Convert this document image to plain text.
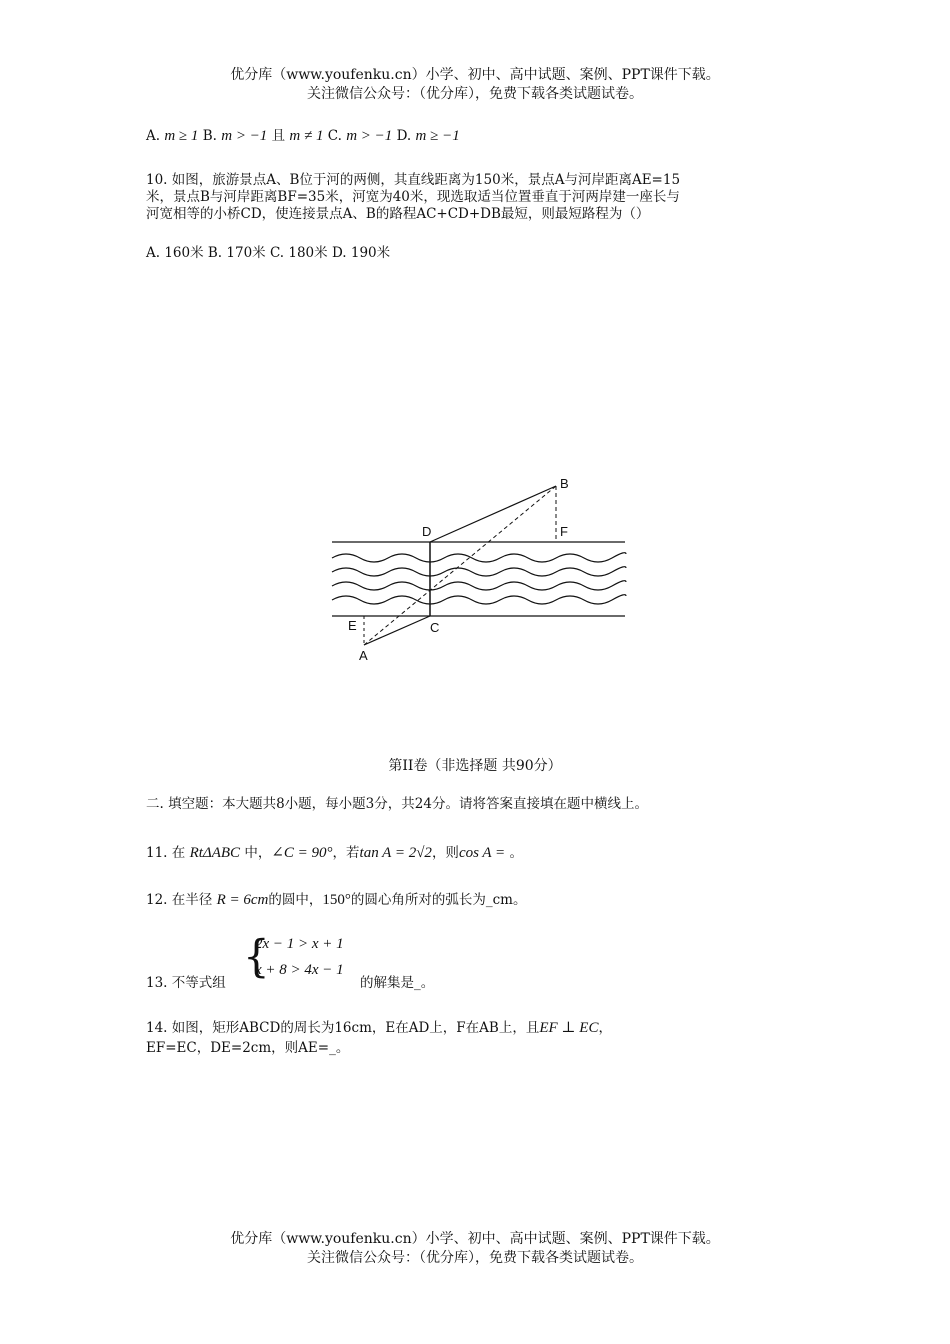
优分库（www.youfenku.cn）小学、初中、高中试题、案例、PPT课件下载。
关注微信公众号：（优分库），免费下载各类试题试卷。
A. m ≥ 1 B. m > −1 且 m ≠ 1 C. m > −1 D. m ≥ −1
10. 如图，旅游景点A、B位于河的两侧，其直线距离为150米，景点A与河岸距离AE=15
米，景点B与河岸距离BF=35米，河宽为40米，现选取适当位置垂直于河两岸建一座长与
河宽相等的小桥CD，使连接景点A、B的路程AC+CD+DB最短，则最短路程为（）
A. 160米 B. 170米 C. 180米 D. 190米
B
F
D
C
E
A
第II卷（非选择题 共90分）
二. 填空题：本大题共8小题，每小题3分，共24分。请将答案直接填在题中横线上。
11. 在 RtΔABC 中，∠C = 90°，若tan A = 2√2，则cos A = 。
12. 在半径 R = 6cm的圆中，150°的圆心角所对的弧长为_cm。
{
2x − 1 > x + 1
x + 8 > 4x − 1
13. 不等式组	的解集是_。
14. 如图，矩形ABCD的周长为16cm，E在AD上，F在AB上，且EF ⊥ EC，
EF=EC，DE=2cm，则AE=_。
优分库（www.youfenku.cn）小学、初中、高中试题、案例、PPT课件下载。
关注微信公众号：（优分库），免费下载各类试题试卷。
